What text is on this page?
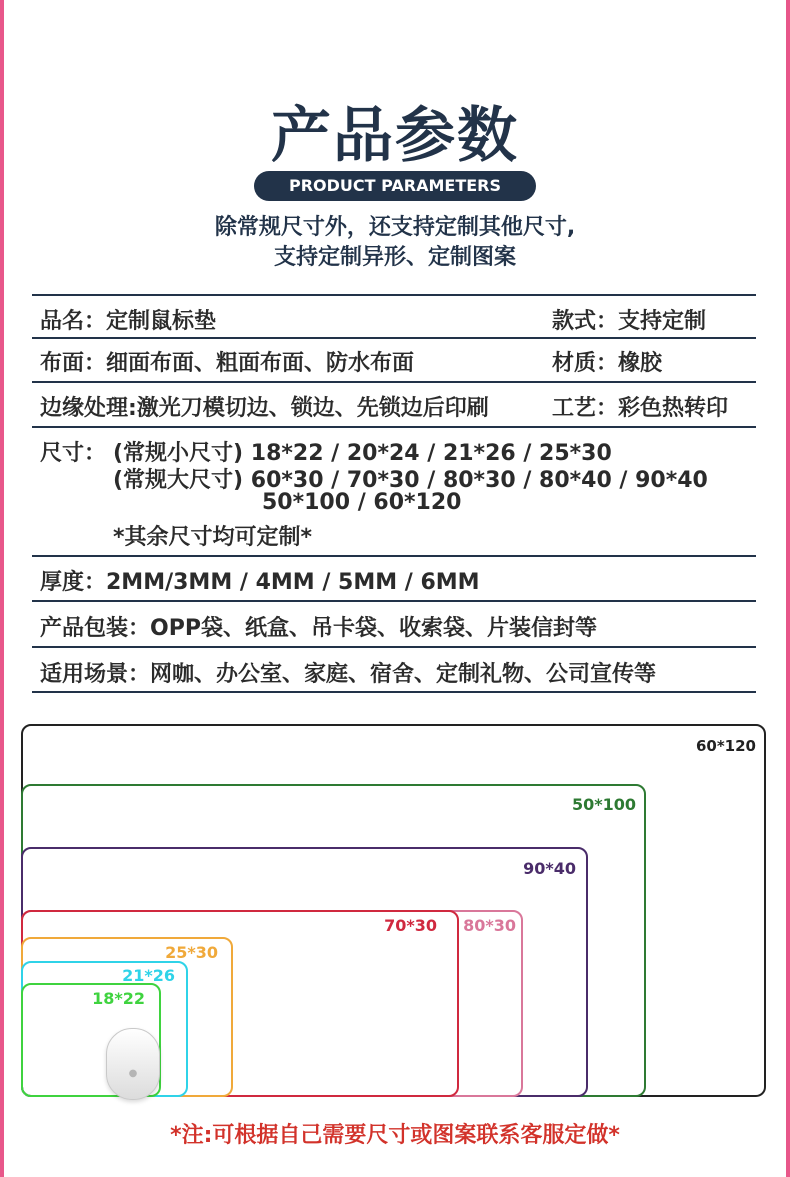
产品参数
PRODUCT PARAMETERS
除常规尺寸外，还支持定制其他尺寸,
支持定制异形、定制图案
品名：定制鼠标垫	款式：支持定制
布面：细面布面、粗面布面、防水布面	材质：橡胶
边缘处理:激光刀模切边、锁边、先锁边后印刷	工艺：彩色热转印
尺寸： (常规小尺寸) 18*22 / 20*24 / 21*26 / 25*30
(常规大尺寸) 60*30 / 70*30 / 80*30 / 80*40 / 90*40
50*100 / 60*120
*其余尺寸均可定制*
厚度：2MM/3MM / 4MM / 5MM / 6MM
产品包装：OPP袋、纸盒、吊卡袋、收索袋、片装信封等
适用场景：网咖、办公室、家庭、宿舍、定制礼物、公司宣传等
60*120
50*100
90*40
80*30
70*30
25*30
21*26
18*22
●
*注:可根据自己需要尺寸或图案联系客服定做*
